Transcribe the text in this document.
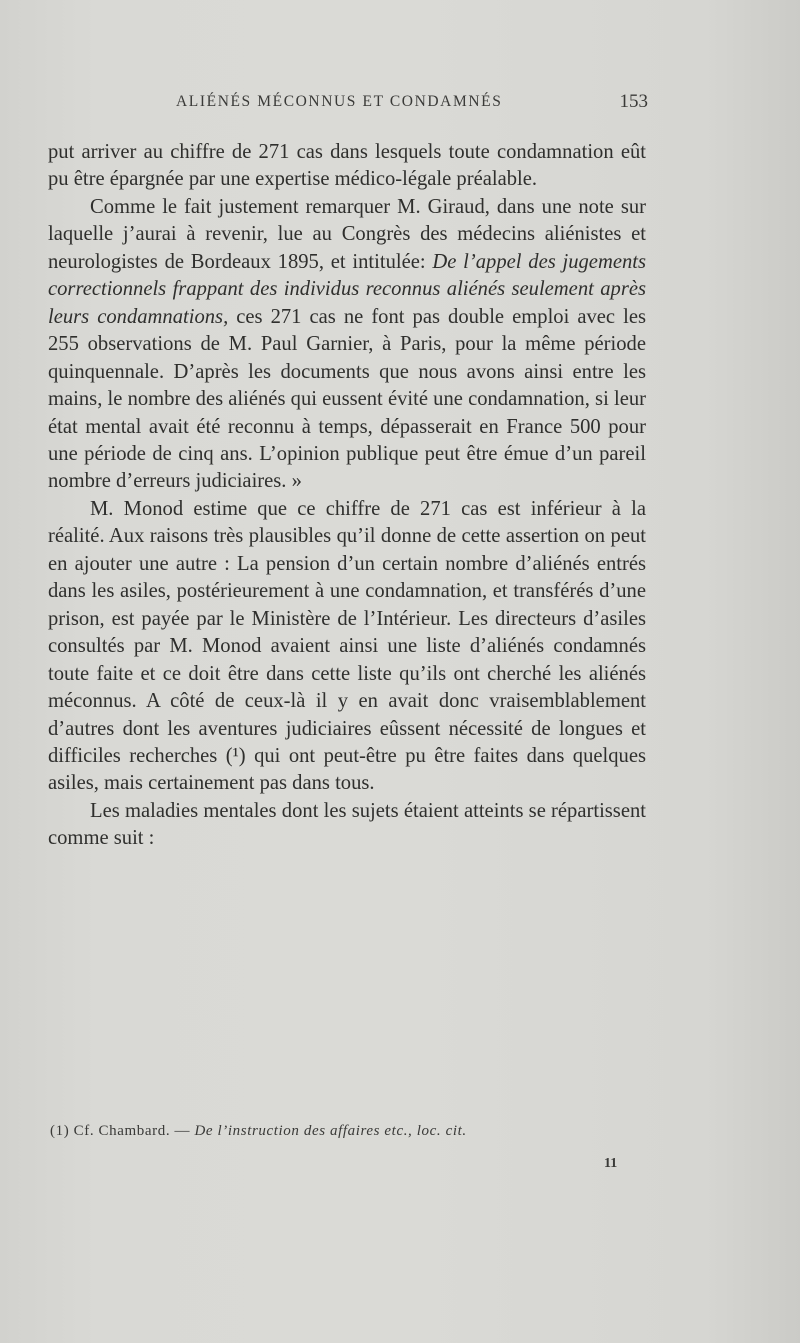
ALIÉNÉS MÉCONNUS ET CONDAMNÉS	153

put arriver au chiffre de 271 cas dans lesquels toute condamnation eût pu être épargnée par une expertise médico-légale préalable.

Comme le fait justement remarquer M. Giraud, dans une note sur laquelle j’aurai à revenir, lue au Congrès des médecins aliénistes et neurologistes de Bordeaux 1895, et intitulée: De l’appel des jugements correctionnels frappant des individus reconnus aliénés seulement après leurs condamnations, ces 271 cas ne font pas double emploi avec les 255 observations de M. Paul Garnier, à Paris, pour la même période quinquennale. D’après les documents que nous avons ainsi entre les mains, le nombre des aliénés qui eussent évité une condamnation, si leur état mental avait été reconnu à temps, dépasserait en France 500 pour une période de cinq ans. L’opinion publique peut être émue d’un pareil nombre d’erreurs judiciaires. »

M. Monod estime que ce chiffre de 271 cas est inférieur à la réalité. Aux raisons très plausibles qu’il donne de cette assertion on peut en ajouter une autre : La pension d’un certain nombre d’aliénés entrés dans les asiles, postérieurement à une condamnation, et transférés d’une prison, est payée par le Ministère de l’Intérieur. Les directeurs d’asiles consultés par M. Monod avaient ainsi une liste d’aliénés condamnés toute faite et ce doit être dans cette liste qu’ils ont cherché les aliénés méconnus. A côté de ceux-là il y en avait donc vraisemblablement d’autres dont les aventures judiciaires eûssent nécessité de longues et difficiles recherches (¹) qui ont peut-être pu être faites dans quelques asiles, mais certainement pas dans tous.

Les maladies mentales dont les sujets étaient atteints se répartissent comme suit :

(1) Cf. Chambard. — De l’instruction des affaires etc., loc. cit.
11
